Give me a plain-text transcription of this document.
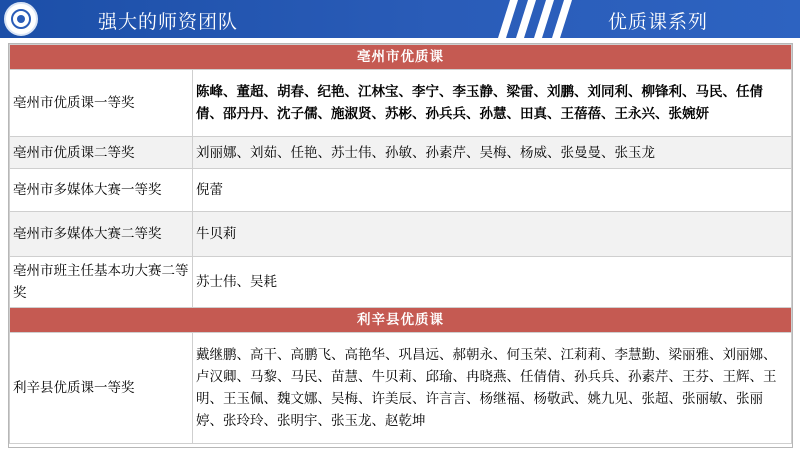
强大的师资团队	优质课系列
亳州市优质课	
亳州市优质课一等奖	陈峰、董超、胡春、纪艳、江林宝、李宁、李玉静、梁雷、刘鹏、刘同利、柳锋利、马民、任倩倩、邵丹丹、沈子儒、施淑贤、苏彬、孙兵兵、孙慧、田真、王蓓蓓、王永兴、张婉妍
亳州市优质课二等奖	刘丽娜、刘茹、任艳、苏士伟、孙敏、孙素芹、吴梅、杨威、张曼曼、张玉龙
亳州市多媒体大赛一等奖	倪蕾
亳州市多媒体大赛二等奖	牛贝莉
亳州市班主任基本功大赛二等奖	苏士伟、吴耗
利辛县优质课	
利辛县优质课一等奖	戴继鹏、高干、高鹏飞、高艳华、巩昌远、郝朝永、何玉荣、江莉莉、李慧勤、梁丽雅、刘丽娜、卢汉卿、马黎、马民、苗慧、牛贝莉、邱瑜、冉晓燕、任倩倩、孙兵兵、孙素芹、王芬、王辉、王明、王玉佩、魏文娜、吴梅、许美辰、许言言、杨继福、杨敬武、姚九见、张超、张丽敏、张丽婷、张玲玲、张明宇、张玉龙、赵乾坤
